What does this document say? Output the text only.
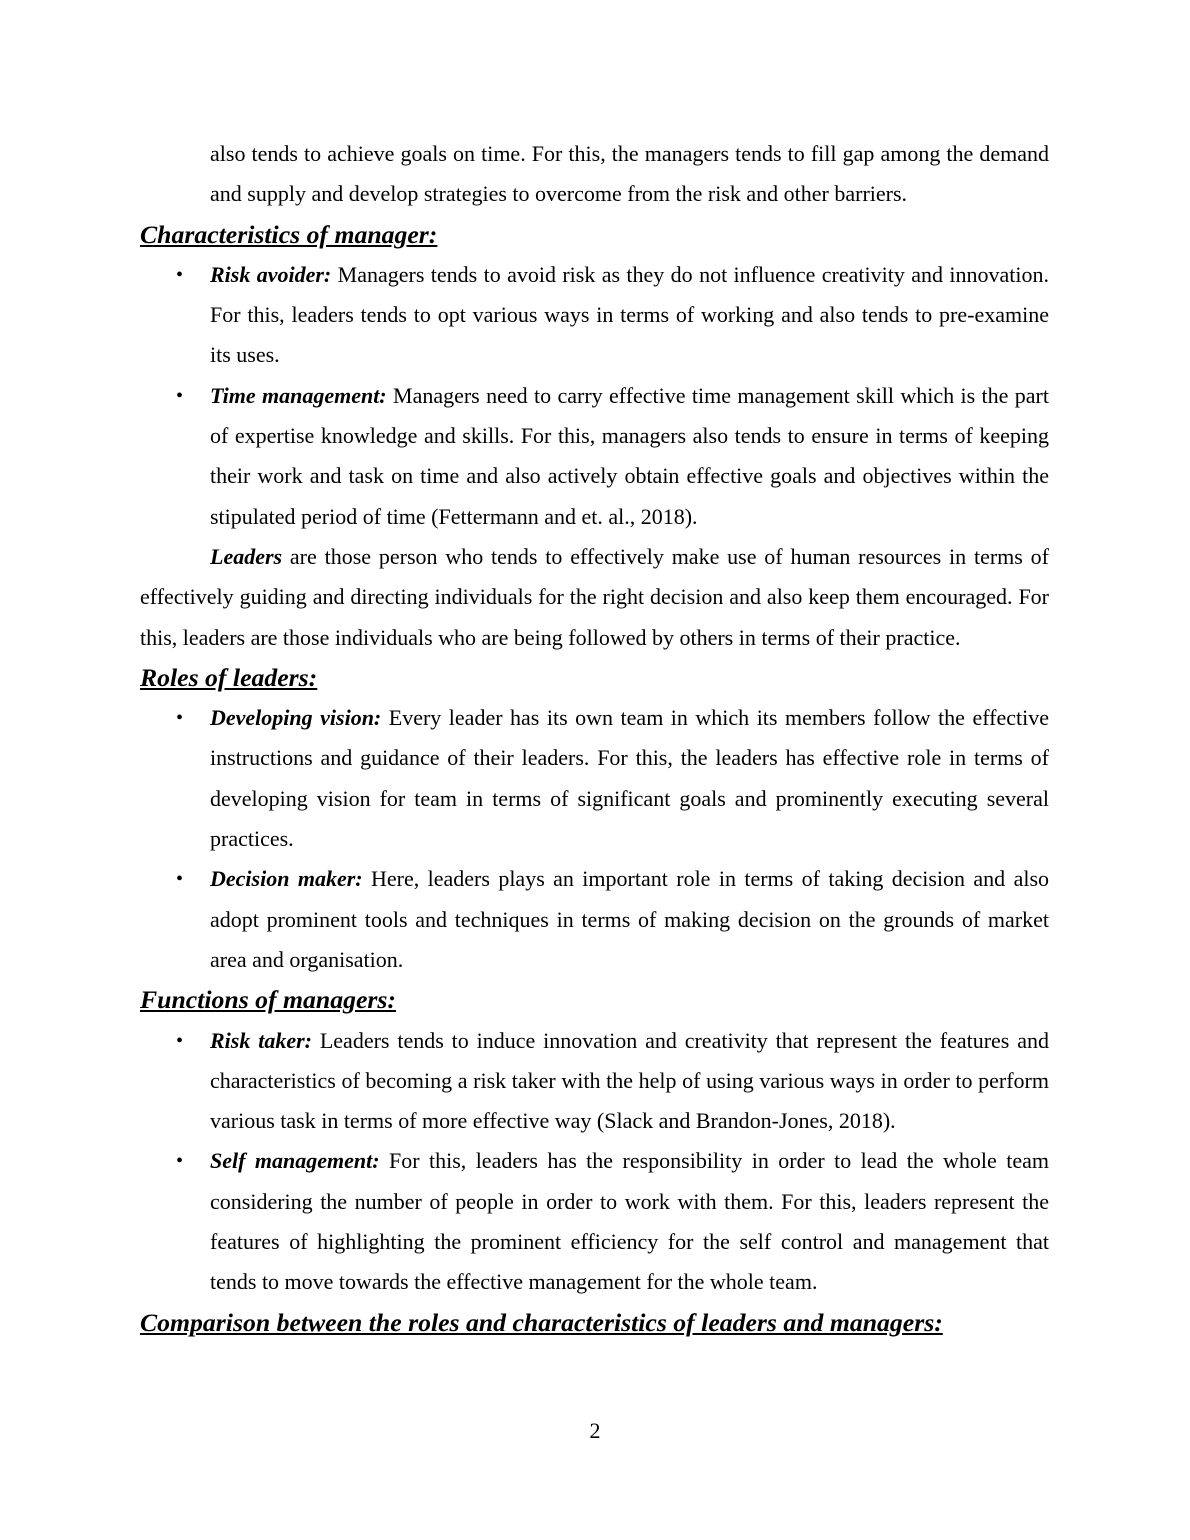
also tends to achieve goals on time. For this, the managers tends to fill gap among the demand and supply and develop strategies to overcome from the risk and other barriers.

Characteristics of manager:
• Risk avoider: Managers tends to avoid risk as they do not influence creativity and innovation. For this, leaders tends to opt various ways in terms of working and also tends to pre-examine its uses.
• Time management: Managers need to carry effective time management skill which is the part of expertise knowledge and skills. For this, managers also tends to ensure in terms of keeping their work and task on time and also actively obtain effective goals and objectives within the stipulated period of time (Fettermann and et. al., 2018).

Leaders are those person who tends to effectively make use of human resources in terms of effectively guiding and directing individuals for the right decision and also keep them encouraged. For this, leaders are those individuals who are being followed by others in terms of their practice.

Roles of leaders:
• Developing vision: Every leader has its own team in which its members follow the effective instructions and guidance of their leaders. For this, the leaders has effective role in terms of developing vision for team in terms of significant goals and prominently executing several practices.
• Decision maker: Here, leaders plays an important role in terms of taking decision and also adopt prominent tools and techniques in terms of making decision on the grounds of market area and organisation.
Functions of managers:
• Risk taker: Leaders tends to induce innovation and creativity that represent the features and characteristics of becoming a risk taker with the help of using various ways in order to perform various task in terms of more effective way (Slack and Brandon-Jones, 2018).
• Self management: For this, leaders has the responsibility in order to lead the whole team considering the number of people in order to work with them. For this, leaders represent the features of highlighting the prominent efficiency for the self control and management that tends to move towards the effective management for the whole team.
Comparison between the roles and characteristics of leaders and managers:
2
